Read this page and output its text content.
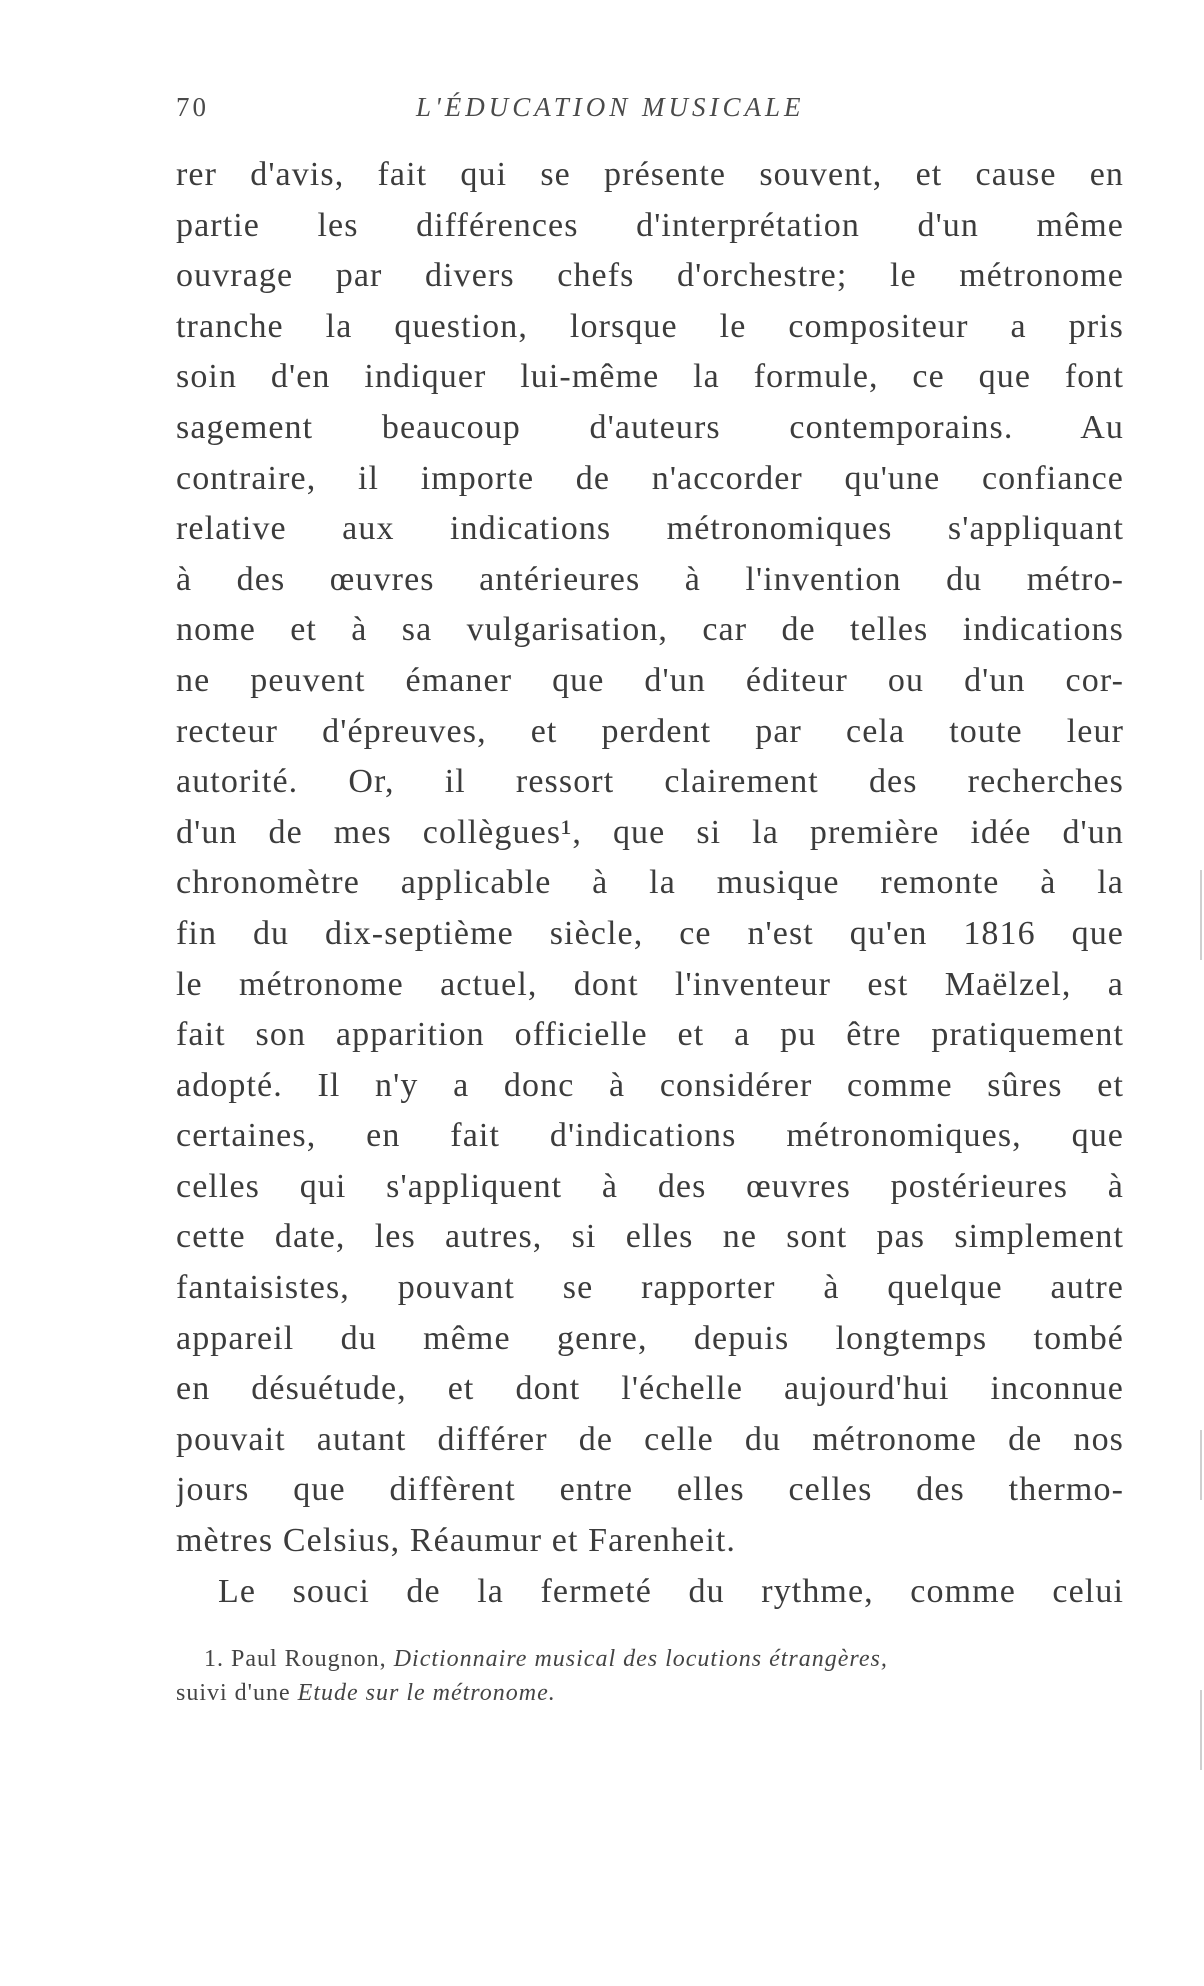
70	L'ÉDUCATION MUSICALE
rer d'avis, fait qui se présente souvent, et cause en
partie les différences d'interprétation d'un même
ouvrage par divers chefs d'orchestre; le métronome
tranche la question, lorsque le compositeur a pris
soin d'en indiquer lui-même la formule, ce que font
sagement beaucoup d'auteurs contemporains. Au
contraire, il importe de n'accorder qu'une confiance
relative aux indications métronomiques s'appliquant
à des œuvres antérieures à l'invention du métro-
nome et à sa vulgarisation, car de telles indications
ne peuvent émaner que d'un éditeur ou d'un cor-
recteur d'épreuves, et perdent par cela toute leur
autorité. Or, il ressort clairement des recherches
d'un de mes collègues¹, que si la première idée d'un
chronomètre applicable à la musique remonte à la
fin du dix-septième siècle, ce n'est qu'en 1816 que
le métronome actuel, dont l'inventeur est Maëlzel, a
fait son apparition officielle et a pu être pratiquement
adopté. Il n'y a donc à considérer comme sûres et
certaines, en fait d'indications métronomiques, que
celles qui s'appliquent à des œuvres postérieures à
cette date, les autres, si elles ne sont pas simplement
fantaisistes, pouvant se rapporter à quelque autre
appareil du même genre, depuis longtemps tombé
en désuétude, et dont l'échelle aujourd'hui inconnue
pouvait autant différer de celle du métronome de nos
jours que diffèrent entre elles celles des thermo-
mètres Celsius, Réaumur et Farenheit.
Le souci de la fermeté du rythme, comme celui
1. Paul Rougnon, Dictionnaire musical des locutions étrangères,
suivi d'une Etude sur le métronome.
